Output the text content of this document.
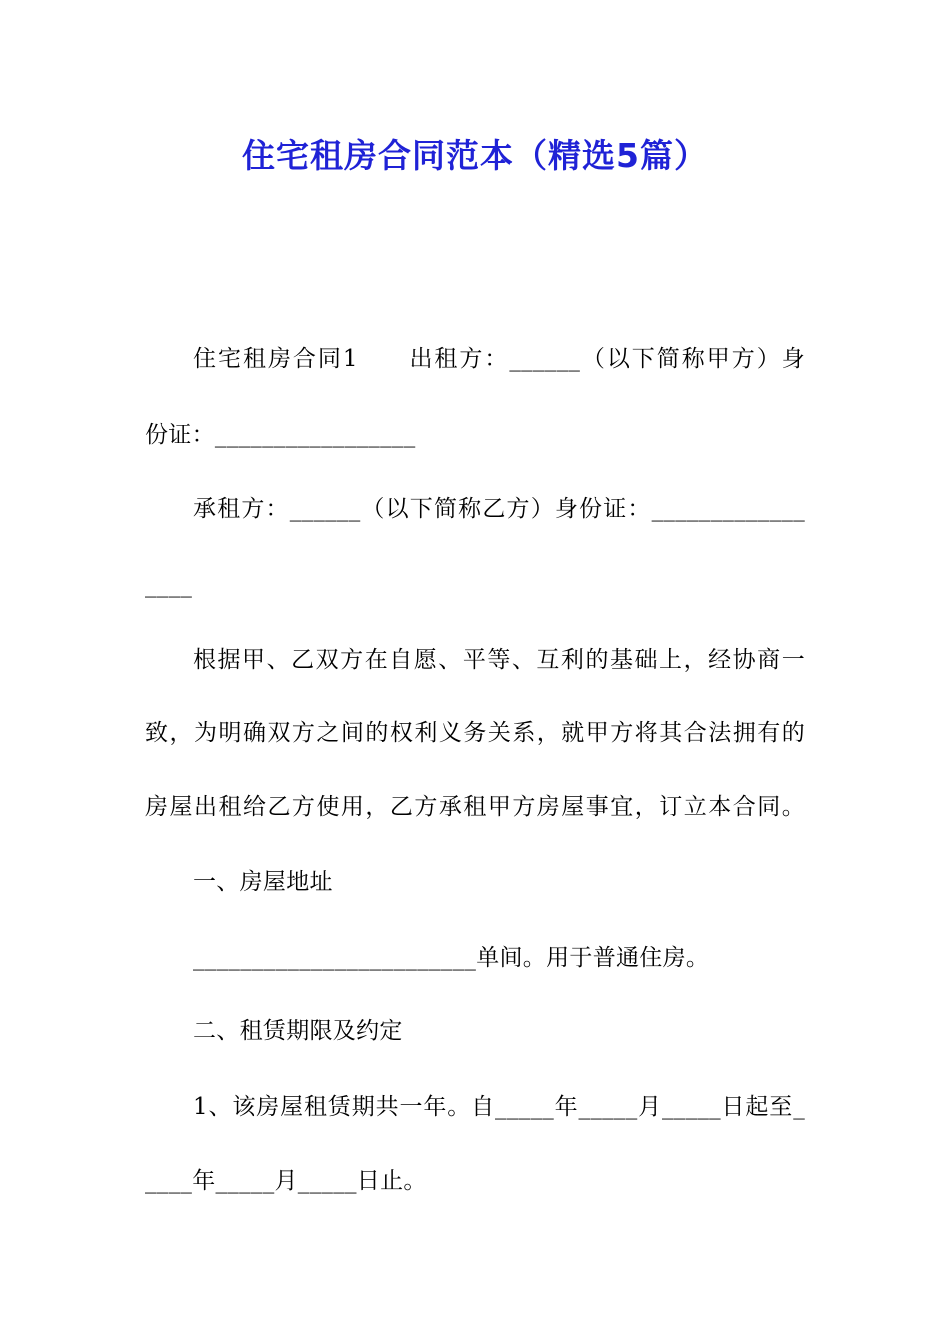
住宅租房合同范本（精选5篇）
住宅租房合同1　　出租方：______（以下简称甲方）身
份证：_________________
承租方：______（以下简称乙方）身份证：_____________
____
根据甲、乙双方在自愿、平等、互利的基础上，经协商一
致，为明确双方之间的权利义务关系，就甲方将其合法拥有的
房屋出租给乙方使用，乙方承租甲方房屋事宜，订立本合同。
一、房屋地址
________________________单间。用于普通住房。
二、租赁期限及约定
1、该房屋租赁期共一年。自_____年_____月_____日起至_
____年_____月_____日止。
